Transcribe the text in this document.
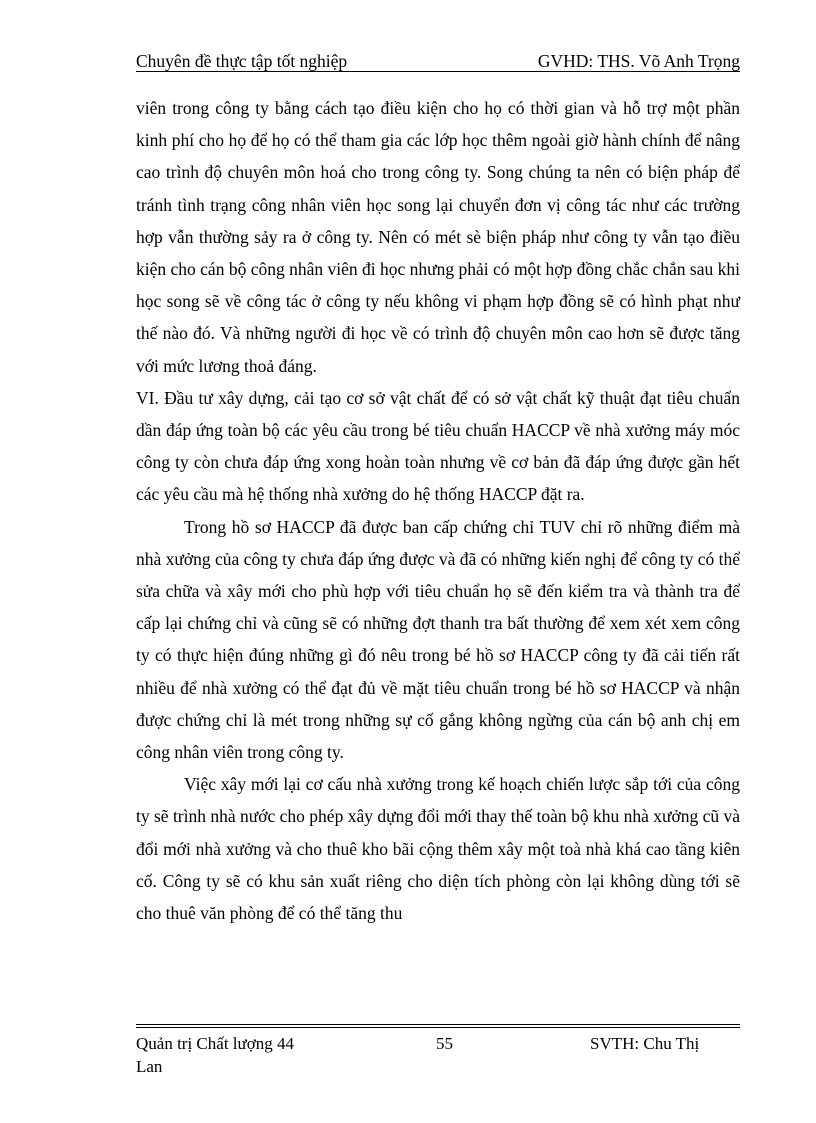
Chuyên đề thực tập tốt nghiệp	GVHD: THS. Võ Anh Trọng

viên trong công ty bằng cách tạo điều kiện cho họ có thời gian và hỗ trợ một phần kinh phí cho họ để họ có thể tham gia các lớp học thêm ngoài giờ hành chính để nâng cao trình độ chuyên môn hoá cho trong công ty. Song chúng ta nên có biện pháp để tránh tình trạng công nhân viên học song lại chuyển đơn vị công tác như các trường hợp vẫn thường sảy ra ở công ty. Nên có mét sè biện pháp như công ty vẫn tạo điều kiện cho cán bộ công nhân viên đi học nhưng phải có một hợp đồng chắc chắn sau khi học song sẽ về công tác ở công ty nếu không vi phạm hợp đồng sẽ có hình phạt như thế nào đó. Và những người đi học về có trình độ chuyên môn cao hơn sẽ được tăng với mức lương thoả đáng.

VI. Đầu tư xây dựng, cải tạo cơ sở vật chất để có sở vật chất kỹ thuật đạt tiêu chuẩn dần đáp ứng toàn bộ các yêu cầu trong bé tiêu chuẩn HACCP về nhà xưởng máy móc công ty còn chưa đáp ứng xong hoàn toàn nhưng về cơ bản đã đáp ứng được gần hết các yêu cầu mà hệ thống nhà xưởng do hệ thống HACCP đặt ra.

Trong hồ sơ HACCP đã được ban cấp chứng chỉ TUV chỉ rõ những điểm mà nhà xưởng của công ty chưa đáp ứng được và đã có những kiến nghị để công ty có thể sửa chữa và xây mới cho phù hợp với tiêu chuẩn họ sẽ đến kiểm tra và thành tra để cấp lại chứng chỉ và cũng sẽ có những đợt thanh tra bất thường để xem xét xem công ty có thực hiện đúng những gì đó nêu trong bé hồ sơ HACCP công ty đã cải tiến rất nhiều để nhà xưởng có thể đạt đủ về mặt tiêu chuẩn trong bé hồ sơ HACCP và nhận được chứng chỉ là mét trong những sự cố gắng không ngừng của cán bộ anh chị em công nhân viên trong công ty.

Việc xây mới lại cơ cấu nhà xưởng trong kế hoạch chiến lược sắp tới của công ty sẽ trình nhà nước cho phép xây dựng đổi mới thay thế toàn bộ khu nhà xưởng cũ và đổi mới nhà xưởng và cho thuê kho bãi cộng thêm xây một toà nhà khá cao tầng kiên cố. Công ty sẽ có khu sản xuất riêng cho diện tích phòng còn lại không dùng tới sẽ cho thuê văn phòng để có thể tăng thu

Quản trị Chất lượng 44	55	SVTH: Chu Thị
Lan
